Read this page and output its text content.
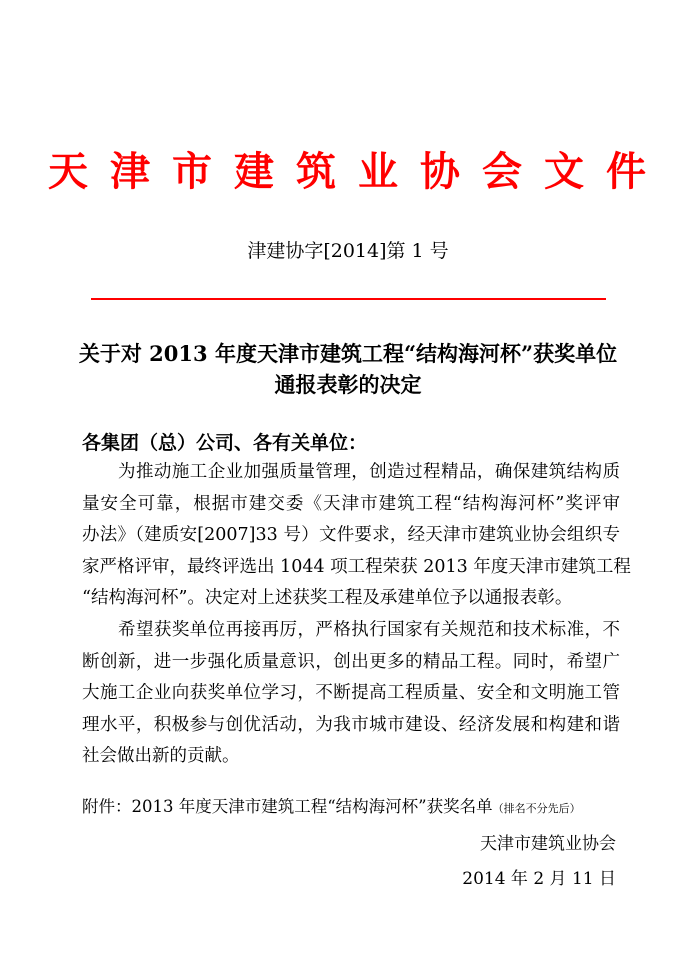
天津市建筑业协会文件
津建协字[2014]第 1 号
关于对 2013 年度天津市建筑工程“结构海河杯”获奖单位
通报表彰的决定
各集团（总）公司、各有关单位：
为推动施工企业加强质量管理，创造过程精品，确保建筑结构质
量安全可靠，根据市建交委《天津市建筑工程“结构海河杯”奖评审
办法》（建质安[2007]33 号）文件要求，经天津市建筑业协会组织专
家严格评审，最终评选出 1044 项工程荣获 2013 年度天津市建筑工程
“结构海河杯”。决定对上述获奖工程及承建单位予以通报表彰。
希望获奖单位再接再厉，严格执行国家有关规范和技术标准，不
断创新，进一步强化质量意识，创出更多的精品工程。同时，希望广
大施工企业向获奖单位学习，不断提高工程质量、安全和文明施工管
理水平，积极参与创优活动，为我市城市建设、经济发展和构建和谐
社会做出新的贡献。
附件：2013 年度天津市建筑工程“结构海河杯”获奖名单（排名不分先后）
天津市建筑业协会
2014 年 2 月 11 日
